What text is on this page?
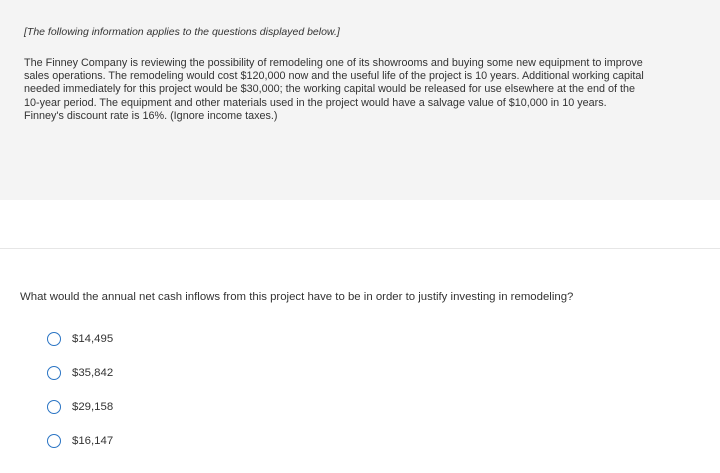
[The following information applies to the questions displayed below.]

The Finney Company is reviewing the possibility of remodeling one of its showrooms and buying some new equipment to improve sales operations. The remodeling would cost $120,000 now and the useful life of the project is 10 years. Additional working capital needed immediately for this project would be $30,000; the working capital would be released for use elsewhere at the end of the 10-year period. The equipment and other materials used in the project would have a salvage value of $10,000 in 10 years. Finney's discount rate is 16%. (Ignore income taxes.)

What would the annual net cash inflows from this project have to be in order to justify investing in remodeling?

$14,495
$35,842
$29,158
$16,147
